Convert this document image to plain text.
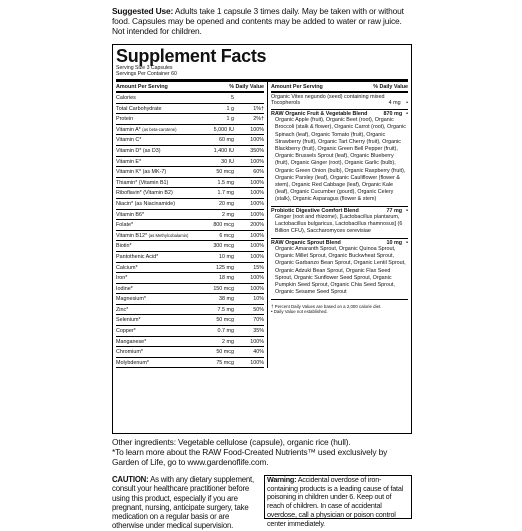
Suggested Use: Adults take 1 capsule 3 times daily. May be taken with or without food. Capsules may be opened and contents may be added to water or raw juice. Not intended for children.
Supplement Facts
Serving Size 3 Capsules
Servings Per Container 60
Amount Per Serving	% Daily Value
Calories	5
Total Carbohydrate	1 g	1%†
Protein	1 g	2%†
Vitamin A* (as beta-carotene)	5,000 IU	100%
Vitamin C*	60 mg	100%
Vitamin D* (as D3)	1,400 IU	350%
Vitamin E*	30 IU	100%
Vitamin K* (as MK-7)	50 mcg	60%
Thiamin* (Vitamin B1)	1.5 mg	100%
Riboflavin* (Vitamin B2)	1.7 mg	100%
Niacin* (as Niacinamide)	20 mg	100%
Vitamin B6*	2 mg	100%
Folate*	800 mcg	200%
Vitamin B12* (as Methylcobalamin)	6 mcg	100%
Biotin*	300 mcg	100%
Pantothenic Acid*	10 mg	100%
Calcium*	125 mg	15%
Iron*	18 mg	100%
Iodine*	150 mcg	100%
Magnesium*	38 mg	10%
Zinc*	7.5 mg	50%
Selenium*	50 mcg	70%
Copper*	0.7 mg	35%
Manganese*	2 mg	100%
Chromium*	50 mcg	40%
Molybdenum*	75 mcg	100%
Amount Per Serving	% Daily Value
Organic Vitex negundo (seed) containing mixed Tocopherols	4 mg •
RAW Organic Fruit & Vegetable Blend	870 mg •
Organic Apple (fruit), Organic Beet (root), Organic Broccoli (stalk & flower), Organic Carrot (root), Organic Spinach (leaf), Organic Tomato (fruit), Organic Strawberry (fruit), Organic Tart Cherry (fruit), Organic Blackberry (fruit), Organic Green Bell Pepper (fruit), Organic Brussels Sprout (leaf), Organic Blueberry (fruit), Organic Ginger (root), Organic Garlic (bulb), Organic Green Onion (bulb), Organic Raspberry (fruit), Organic Parsley (leaf), Organic Cauliflower (flower & stem), Organic Red Cabbage (leaf), Organic Kale (leaf), Organic Cucumber (gourd), Organic Celery (stalk), Organic Asparagus (flower & stem)
Probiotic Digestive Comfort Blend	77 mg •
Ginger (root and rhizome), [Lactobacillus plantarum, Lactobacillus bulgaricus, Lactobacillus rhamnosus] (6 Billion CFU), Saccharomyces cerevisiae
RAW Organic Sprout Blend	10 mg •
Organic Amaranth Sprout, Organic Quinoa Sprout, Organic Millet Sprout, Organic Buckwheat Sprout, Organic Garbanzo Bean Sprout, Organic Lentil Sprout, Organic Adzuki Bean Sprout, Organic Flax Seed Sprout, Organic Sunflower Seed Sprout, Organic Pumpkin Seed Sprout, Organic Chia Seed Sprout, Organic Sesame Seed Sprout
† Percent Daily Values are based on a 2,000 calorie diet.
• Daily Value not established.
Other ingredients: Vegetable cellulose (capsule), organic rice (hull).
*To learn more about the RAW Food-Created Nutrients™ used exclusively by Garden of Life, go to www.gardenoflife.com.
CAUTION: As with any dietary supplement, consult your healthcare practitioner before using this product, especially if you are pregnant, nursing, anticipate surgery, take medication on a regular basis or are otherwise under medical supervision.
Warning: Accidental overdose of iron-containing products is a leading cause of fatal poisoning in children under 6. Keep out of reach of children. In case of accidental overdose, call a physician or poison control center immediately.
